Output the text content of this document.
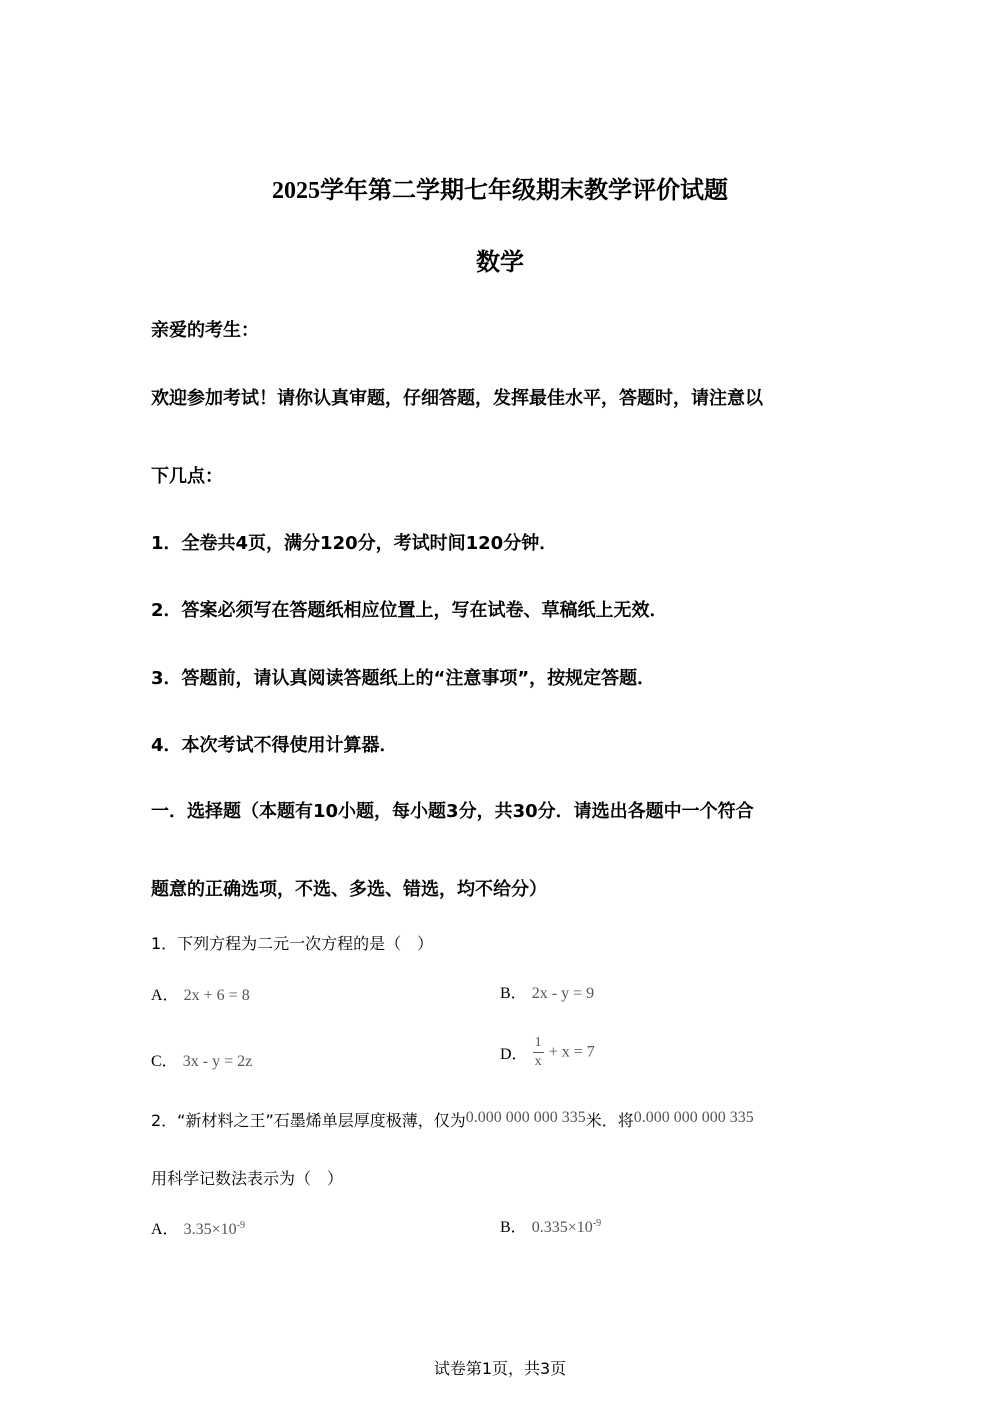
2025学年第二学期七年级期末教学评价试题
数学
亲爱的考生：
欢迎参加考试！请你认真审题，仔细答题，发挥最佳水平，答题时，请注意以
下几点：
1．全卷共4页，满分120分，考试时间120分钟．
2．答案必须写在答题纸相应位置上，写在试卷、草稿纸上无效．
3．答题前，请认真阅读答题纸上的“注意事项”，按规定答题．
4．本次考试不得使用计算器．
一．选择题（本题有10小题，每小题3分，共30分．请选出各题中一个符合
题意的正确选项，不选、多选、错选，均不给分）
1．下列方程为二元一次方程的是（　）
A． 2x + 6 = 8	B． 2x - y = 9
C． 3x - y = 2z	D． $\frac{1}{x} + x = 7$
2．“新材料之王”石墨烯单层厚度极薄，仅为0.000 000 000 335米．将0.000 000 000 335
用科学记数法表示为（　）
A． $3.35\times 10^{-9}$	B． $0.335\times 10^{-9}$
试卷第1页，共3页
